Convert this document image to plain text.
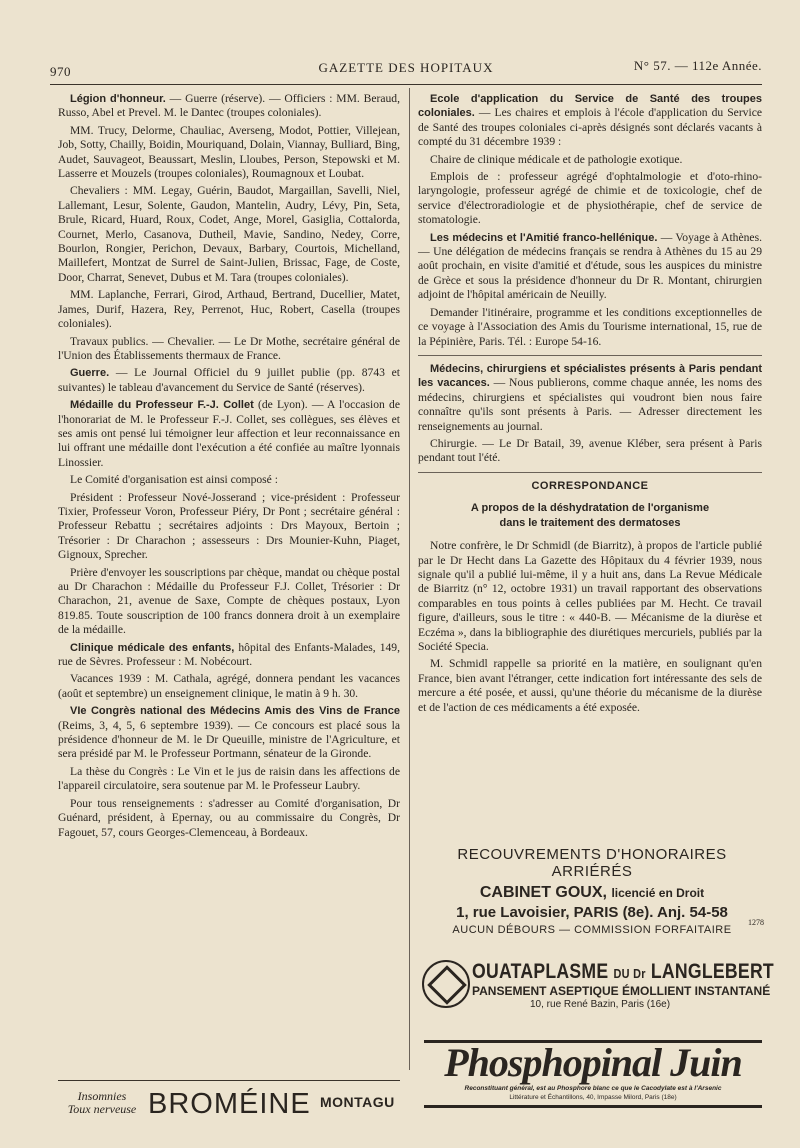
970	GAZETTE DES HOPITAUX	N° 57. — 112e Année.

Légion d'honneur. — Guerre (réserve). — Officiers : MM. Beraud, Russo, Abel et Prevel. M. le Dantec (troupes coloniales).

MM. Trucy, Delorme, Chauliac, Averseng, Modot, Pottier, Villejean, Job, Sotty, Chailly, Boidin, Mouriquand, Dolain, Viannay, Bulliard, Bing, Audet, Sauvageot, Beaussart, Meslin, Lloubes, Person, Stepowski et M. Lasserre et Mouzels (troupes coloniales), Roumagnoux et Loubat.

Chevaliers : MM. Legay, Guérin, Baudot, Margaillan, Savelli, Niel, Lallemant, Lesur, Solente, Gaudon, Mantelin, Audry, Lévy, Pin, Seta, Brule, Ricard, Huard, Roux, Codet, Ange, Morel, Gasiglia, Cottalorda, Cournet, Merlo, Casanova, Dutheil, Mavie, Sandino, Nedey, Corre, Bourlon, Rongier, Perichon, Devaux, Barbary, Courtois, Michelland, Maillefert, Montzat de Surrel de Saint-Julien, Brissac, Fage, de Coste, Door, Charrat, Senevet, Dubus et M. Tara (troupes coloniales).

MM. Laplanche, Ferrari, Girod, Arthaud, Bertrand, Ducellier, Matet, James, Durif, Hazera, Rey, Perrenot, Huc, Robert, Casella (troupes coloniales).

Travaux publics. — Chevalier. — Le Dr Mothe, secrétaire général de l'Union des Établissements thermaux de France.

Guerre. — Le Journal Officiel du 9 juillet publie (pp. 8743 et suivantes) le tableau d'avancement du Service de Santé (réserves).

Médaille du Professeur F.-J. Collet (de Lyon). — A l'occasion de l'honorariat de M. le Professeur F.-J. Collet, ses collègues, ses élèves et ses amis ont pensé lui témoigner leur affection et leur reconnaissance en lui offrant une médaille dont l'exécution a été confiée au maître lyonnais Linossier.

Le Comité d'organisation est ainsi composé :

Président : Professeur Nové-Josserand ; vice-président : Professeur Tixier, Professeur Voron, Professeur Piéry, Dr Pont ; secrétaire général : Professeur Rebattu ; secrétaires adjoints : Drs Mayoux, Bertoin ; Trésorier : Dr Charachon ; assesseurs : Drs Mounier-Kuhn, Piaget, Gignoux, Sprecher.

Prière d'envoyer les souscriptions par chèque, mandat ou chèque postal au Dr Charachon : Médaille du Professeur F.J. Collet, Trésorier : Dr Charachon, 21, avenue de Saxe, Compte de chèques postaux, Lyon 819.85. Toute souscription de 100 francs donnera droit à un exemplaire de la médaille.

Clinique médicale des enfants, hôpital des Enfants-Malades, 149, rue de Sèvres. Professeur : M. Nobécourt.

Vacances 1939 : M. Cathala, agrégé, donnera pendant les vacances (août et septembre) un enseignement clinique, le matin à 9 h. 30.

VIe Congrès national des Médecins Amis des Vins de France (Reims, 3, 4, 5, 6 septembre 1939). — Ce concours est placé sous la présidence d'honneur de M. le Dr Queuille, ministre de l'Agriculture, et sera présidé par M. le Professeur Portmann, sénateur de la Gironde.

La thèse du Congrès : Le Vin et le jus de raisin dans les affections de l'appareil circulatoire, sera soutenue par M. le Professeur Laubry.

Pour tous renseignements : s'adresser au Comité d'organisation, Dr Guénard, président, à Epernay, ou au commissaire du Congrès, Dr Fagouet, 57, cours Georges-Clemenceau, à Bordeaux.

Ecole d'application du Service de Santé des troupes coloniales. — Les chaires et emplois à l'école d'application du Service de Santé des troupes coloniales ci-après désignés sont déclarés vacants à compté du 31 décembre 1939 :

Chaire de clinique médicale et de pathologie exotique.

Emplois de : professeur agrégé d'ophtalmologie et d'oto-rhino-laryngologie, professeur agrégé de chimie et de toxicologie, chef de service d'électroradiologie et de physiothérapie, chef de service de stomatologie.

Les médecins et l'Amitié franco-hellénique. — Voyage à Athènes. — Une délégation de médecins français se rendra à Athènes du 15 au 29 août prochain, en visite d'amitié et d'étude, sous les auspices du ministre de Grèce et sous la présidence d'honneur du Dr R. Montant, chirurgien adjoint de l'hôpital américain de Neuilly.

Demander l'itinéraire, programme et les conditions exceptionnelles de ce voyage à l'Association des Amis du Tourisme international, 15, rue de la Pépinière, Paris. Tél. : Europe 54-16.

Médecins, chirurgiens et spécialistes présents à Paris pendant les vacances. — Nous publierons, comme chaque année, les noms des médecins, chirurgiens et spécialistes qui voudront bien nous faire connaître qu'ils sont présents à Paris. — Adresser directement les renseignements au journal.

Chirurgie. — Le Dr Batail, 39, avenue Kléber, sera présent à Paris pendant tout l'été.

CORRESPONDANCE
A propos de la déshydratation de l'organisme
dans le traitement des dermatoses

Notre confrère, le Dr Schmidl (de Biarritz), à propos de l'article publié par le Dr Hecht dans La Gazette des Hôpitaux du 4 février 1939, nous signale qu'il a publié lui-même, il y a huit ans, dans La Revue Médicale de Biarritz (n° 12, octobre 1931) un travail rapportant des observations comparables en tous points à celles publiées par M. Hecht. Ce travail figure, d'ailleurs, sous le titre : « 440-B. — Mécanisme de la diurèse et Eczéma », dans la bibliographie des diurétiques mercuriels, publiés par la Société Specia.

M. Schmidl rappelle sa priorité en la matière, en soulignant qu'en France, bien avant l'étranger, cette indication fort intéressante des sels de mercure a été posée, et aussi, qu'une théorie du mécanisme de la diurèse et de l'action de ces médicaments a été exposée.

RECOUVREMENTS D'HONORAIRES ARRIÉRÉS
CABINET GOUX, licencié en Droit
1, rue Lavoisier, PARIS (8e). Anj. 54-58
AUCUN DÉBOURS — COMMISSION FORFAITAIRE
1278
OUATAPLASME DU Dr LANGLEBERT
PANSEMENT ASEPTIQUE ÉMOLLIENT INSTANTANÉ
10, rue René Bazin, Paris (16e)
Phosphopinal Juin
Reconstituant général, est au Phosphore blanc ce que le Cacodylate est à l'Arsenic
Littérature et Échantillons, 40, Impasse Milord, Paris (18e)
Insomnies
Toux nerveuse BROMÉINE MONTAGU
